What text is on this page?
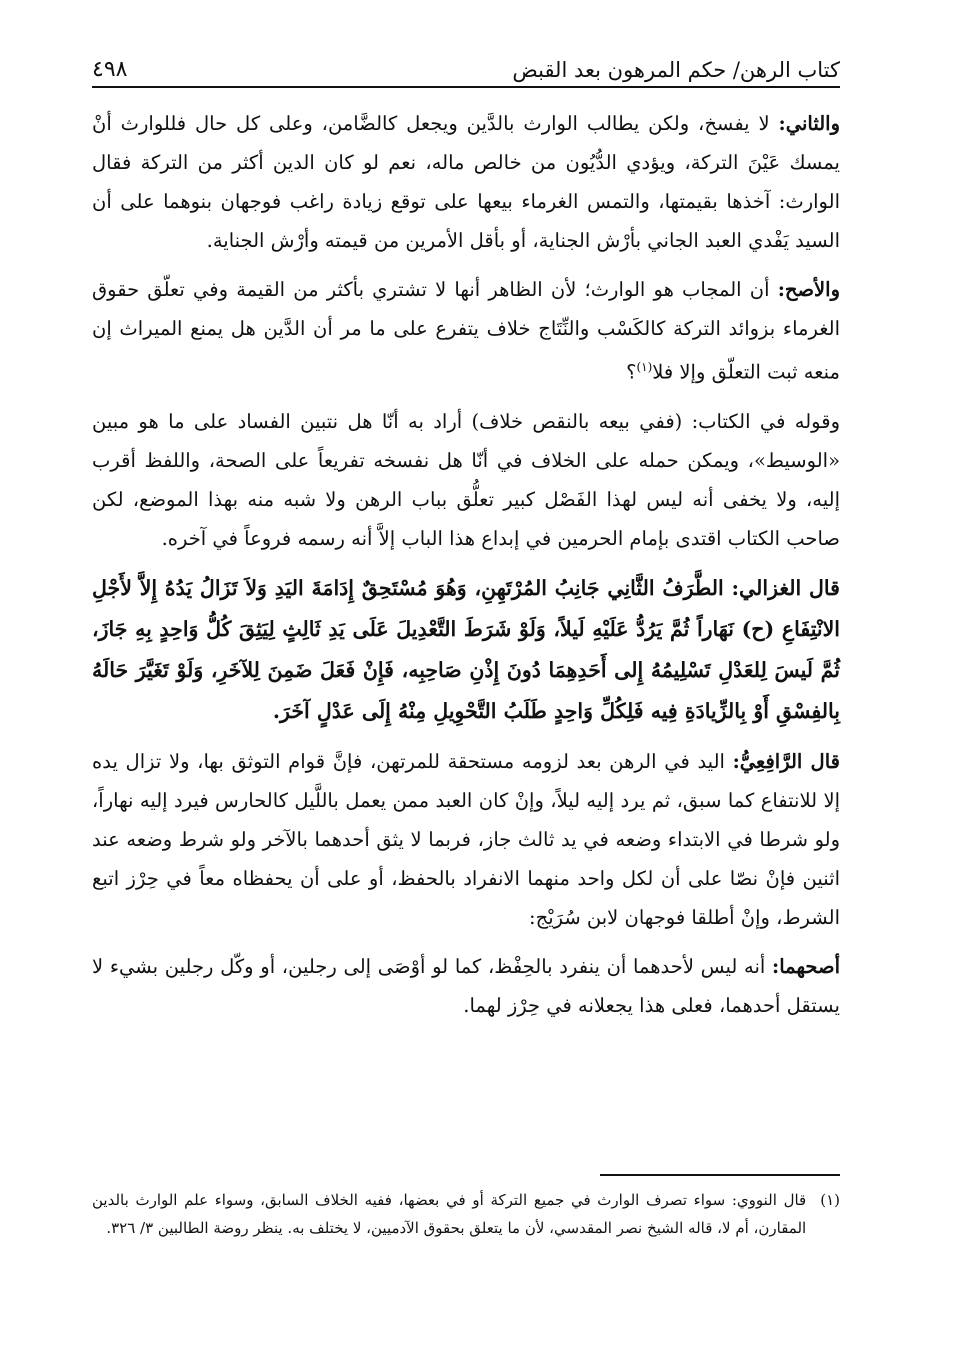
كتاب الرهن/ حكم المرهون بعد القبض
٤٩٨

والثاني: لا يفسخ، ولكن يطالب الوارث بالدَّين ويجعل كالضَّامن، وعلى كل حال فللوارث أنْ يمسك عَيْنَ التركة، ويؤدي الدُّيُون من خالص ماله، نعم لو كان الدين أكثر من التركة فقال الوارث: آخذها بقيمتها، والتمس الغرماء بيعها على توقع زيادة راغب فوجهان بنوهما على أن السيد يَفْدي العبد الجاني بأرْش الجناية، أو بأقل الأمرين من قيمته وأرْش الجناية.

والأصح: أن المجاب هو الوارث؛ لأن الظاهر أنها لا تشتري بأكثر من القيمة وفي تعلّق حقوق الغرماء بزوائد التركة كالكَسْب والنِّتَاج خلاف يتفرع على ما مر أن الدَّين هل يمنع الميراث إن منعه ثبت التعلّق وإلا فلا$^{(١)}$؟

وقوله في الكتاب: (ففي بيعه بالنقص خلاف) أراد به أنّا هل نتبين الفساد على ما هو مبين «الوسيط»، ويمكن حمله على الخلاف في أنّا هل نفسخه تفريعاً على الصحة، واللفظ أقرب إليه، ولا يخفى أنه ليس لهذا الفَصْل كبير تعلُّق بباب الرهن ولا شبه منه بهذا الموضع، لكن صاحب الكتاب اقتدى بإمام الحرمين في إبداع هذا الباب إلاَّ أنه رسمه فروعاً في آخره.

قال الغزالي: الطَّرَفُ الثَّانِي جَانِبُ المُرْتَهِنِ، وَهُوَ مُسْتَحِقٌ إِدَامَةَ اليَدِ وَلاَ تَزَالُ يَدُهُ إِلاَّ لأَجْلِ الانْتِفَاعِ (ح) نَهَاراً ثُمَّ يَرُدُّ عَلَيْهِ لَيلاً، وَلَوْ شَرَطَ التَّعْدِيلَ عَلَى يَدِ ثَالِثٍ لِيَثِقَ كُلُّ وَاحِدٍ بِهِ جَازَ، ثُمَّ لَيسَ لِلعَدْلِ تَسْلِيمُهُ إِلى أَحَدِهِمَا دُونَ إِذْنِ صَاحِبِه، فَإِنْ فَعَلَ ضَمِنَ لِلآخَرِ، وَلَوْ تَغَيَّرَ حَالَهُ بِالفِسْقِ أَوْ بِالزِّيادَةِ فِيه فَلِكُلِّ وَاحِدٍ طَلَبُ التَّحْوِيلِ مِنْهُ إِلَى عَدْلٍ آخَرَ.

قال الرَّافِعِيُّ: اليد في الرهن بعد لزومه مستحقة للمرتهن، فإنَّ قوام التوثق بها، ولا تزال يده إلا للانتفاع كما سبق، ثم يرد إليه ليلاً، وإنْ كان العبد ممن يعمل باللَّيل كالحارس فيرد إليه نهاراً، ولو شرطا في الابتداء وضعه في يد ثالث جاز، فربما لا يثق أحدهما بالآخر ولو شرط وضعه عند اثنين فإنْ نصّا على أن لكل واحد منهما الانفراد بالحفظ، أو على أن يحفظاه معاً في حِرْز اتبع الشرط، وإنْ أطلقا فوجهان لابن سُرَيْج:

أصحهما: أنه ليس لأحدهما أن ينفرد بالحِفْظ، كما لو أوْصَى إلى رجلين، أو وكّل رجلين بشيء لا يستقل أحدهما، فعلى هذا يجعلانه في حِرْز لهما.

(١)
قال النووي: سواء تصرف الوارث في جميع التركة أو في بعضها، ففيه الخلاف السابق، وسواء علم الوارث بالدين المقارن، أم لا، قاله الشيخ نصر المقدسي، لأن ما يتعلق بحقوق الآدميين، لا يختلف به. ينظر روضة الطالبين ٣/ ٣٢٦.
